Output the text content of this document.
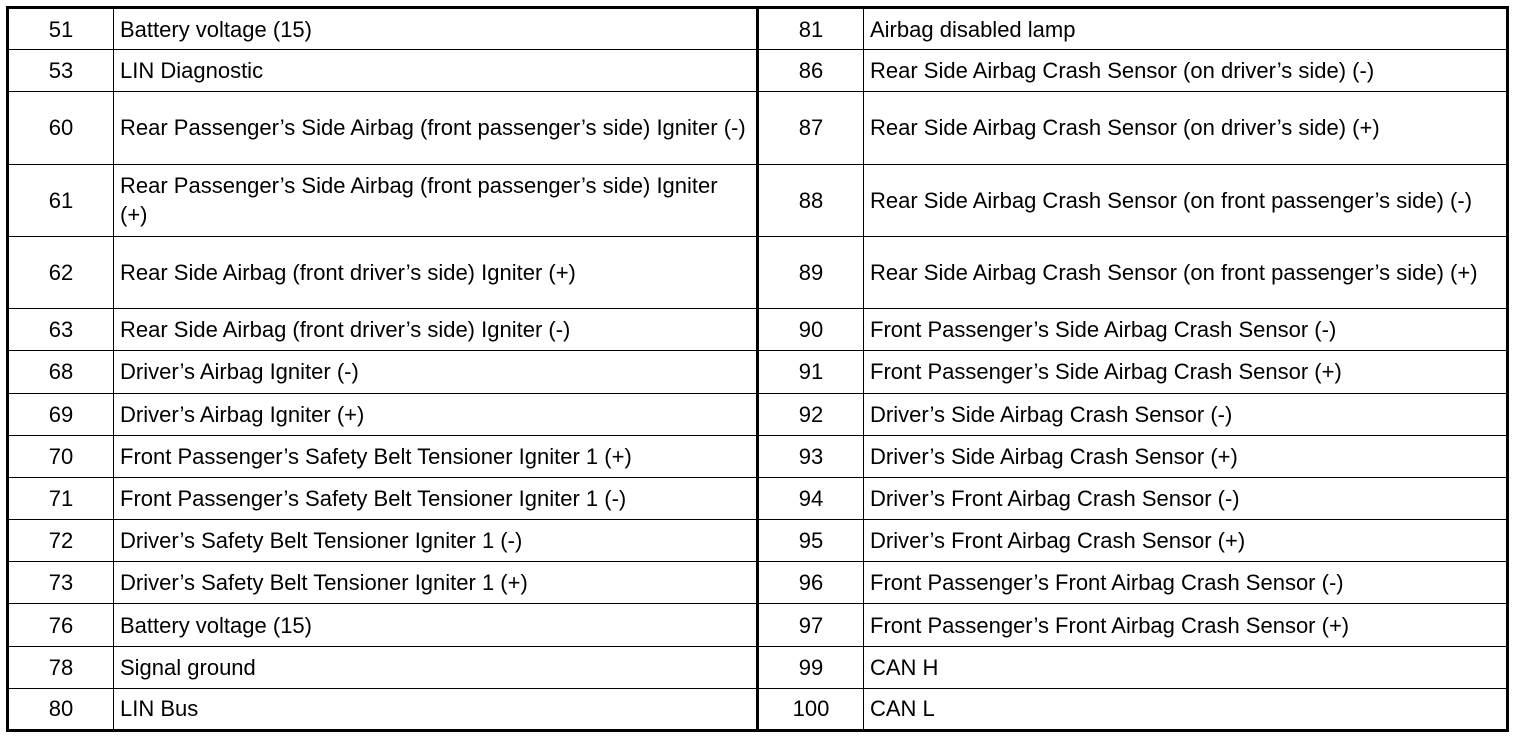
51	Battery voltage (15)	81	Airbag disabled lamp
53	LIN Diagnostic	86	Rear Side Airbag Crash Sensor (on driver’s side) (-)
60	Rear Passenger’s Side Airbag (front passenger’s side) Igniter (-)	87	Rear Side Airbag Crash Sensor (on driver’s side) (+)
61	Rear Passenger’s Side Airbag (front passenger’s side) Igniter (+)	88	Rear Side Airbag Crash Sensor (on front passenger’s side) (-)
62	Rear Side Airbag (front driver’s side) Igniter (+)	89	Rear Side Airbag Crash Sensor (on front passenger’s side) (+)
63	Rear Side Airbag (front driver’s side) Igniter (-)	90	Front Passenger’s Side Airbag Crash Sensor (-)
68	Driver’s Airbag Igniter (-)	91	Front Passenger’s Side Airbag Crash Sensor (+)
69	Driver’s Airbag Igniter (+)	92	Driver’s Side Airbag Crash Sensor (-)
70	Front Passenger’s Safety Belt Tensioner Igniter 1 (+)	93	Driver’s Side Airbag Crash Sensor (+)
71	Front Passenger’s Safety Belt Tensioner Igniter 1 (-)	94	Driver’s Front Airbag Crash Sensor (-)
72	Driver’s Safety Belt Tensioner Igniter 1 (-)	95	Driver’s Front Airbag Crash Sensor (+)
73	Driver’s Safety Belt Tensioner Igniter 1 (+)	96	Front Passenger’s Front Airbag Crash Sensor (-)
76	Battery voltage (15)	97	Front Passenger’s Front Airbag Crash Sensor (+)
78	Signal ground	99	CAN H
80	LIN Bus	100	CAN L
